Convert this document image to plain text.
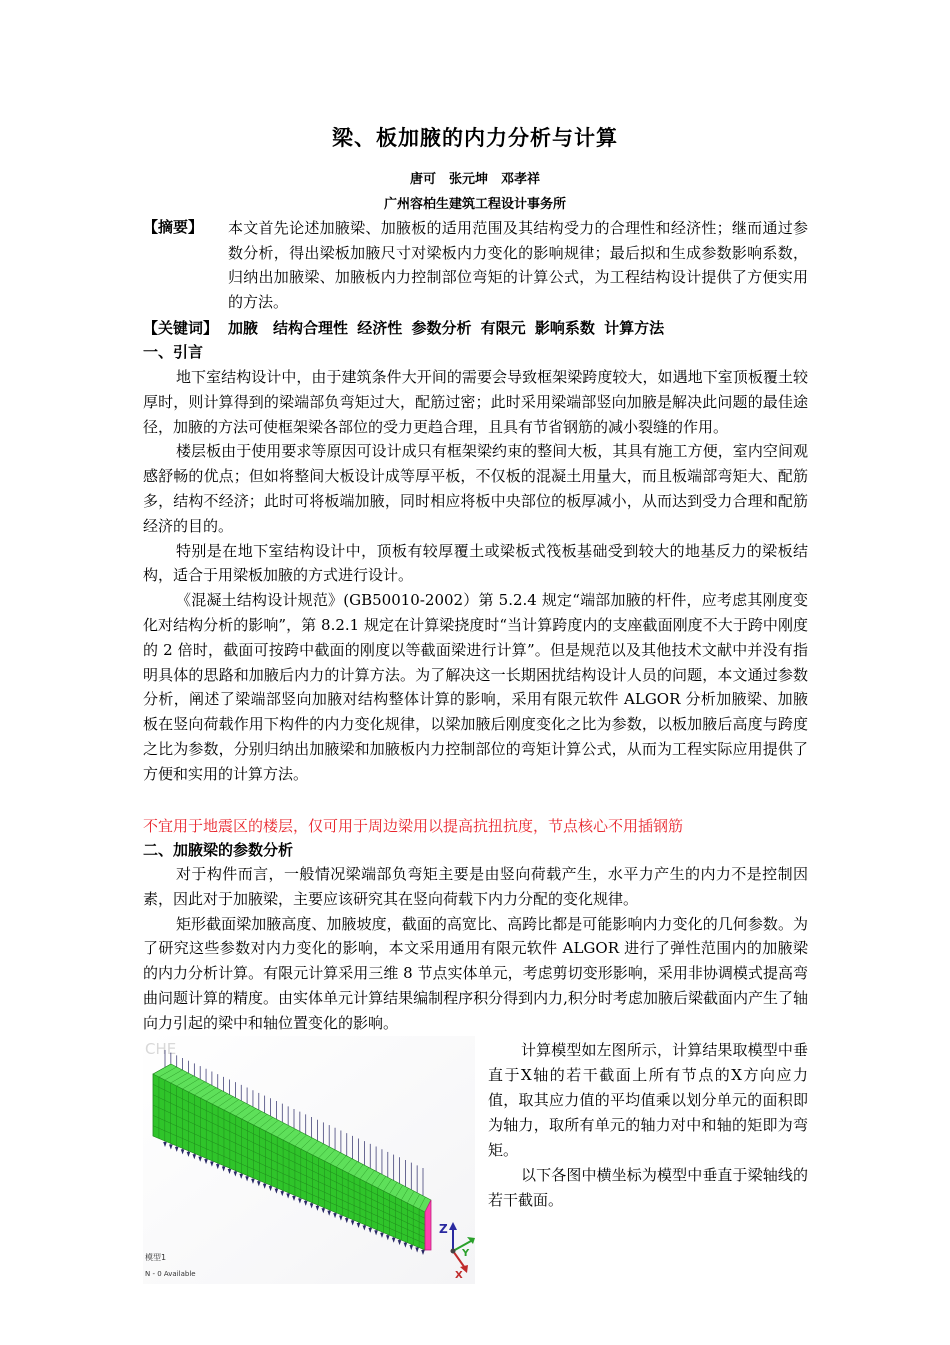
梁、板加腋的内力分析与计算
唐可　张元坤　邓孝祥
广州容柏生建筑工程设计事务所
【摘要】 本文首先论述加腋梁、加腋板的适用范围及其结构受力的合理性和经济性；继而通过参数分析，得出梁板加腋尺寸对梁板内力变化的影响规律；最后拟和生成参数影响系数，归纳出加腋梁、加腋板内力控制部位弯矩的计算公式，为工程结构设计提供了方便实用的方法。
【关键词】 加腋　结构合理性 经济性 参数分析 有限元 影响系数 计算方法
一、引言

地下室结构设计中，由于建筑条件大开间的需要会导致框架梁跨度较大，如遇地下室顶板覆土较厚时，则计算得到的梁端部负弯矩过大，配筋过密；此时采用梁端部竖向加腋是解决此问题的最佳途径，加腋的方法可使框架梁各部位的受力更趋合理，且具有节省钢筋的减小裂缝的作用。

楼层板由于使用要求等原因可设计成只有框架梁约束的整间大板，其具有施工方便，室内空间观感舒畅的优点；但如将整间大板设计成等厚平板，不仅板的混凝土用量大，而且板端部弯矩大、配筋多，结构不经济；此时可将板端加腋，同时相应将板中央部位的板厚减小，从而达到受力合理和配筋经济的目的。

特别是在地下室结构设计中，顶板有较厚覆土或梁板式筏板基础受到较大的地基反力的梁板结构，适合于用梁板加腋的方式进行设计。

《混凝土结构设计规范》(GB50010-2002）第 5.2.4 规定“端部加腋的杆件，应考虑其刚度变化对结构分析的影响”，第 8.2.1 规定在计算梁挠度时“当计算跨度内的支座截面刚度不大于跨中刚度的 2 倍时，截面可按跨中截面的刚度以等截面梁进行计算”。但是规范以及其他技术文献中并没有指明具体的思路和加腋后内力的计算方法。为了解决这一长期困扰结构设计人员的问题，本文通过参数分析，阐述了梁端部竖向加腋对结构整体计算的影响，采用有限元软件 ALGOR 分析加腋梁、加腋板在竖向荷载作用下构件的内力变化规律，以梁加腋后刚度变化之比为参数，以板加腋后高度与跨度之比为参数，分别归纳出加腋梁和加腋板内力控制部位的弯矩计算公式，从而为工程实际应用提供了方便和实用的计算方法。

不宜用于地震区的楼层，仅可用于周边梁用以提高抗扭抗度，节点核心不用插钢筋
二、加腋梁的参数分析

对于构件而言，一般情况梁端部负弯矩主要是由竖向荷载产生，水平力产生的内力不是控制因素，因此对于加腋梁，主要应该研究其在竖向荷载下内力分配的变化规律。

矩形截面梁加腋高度、加腋坡度，截面的高宽比、高跨比都是可能影响内力变化的几何参数。为了研究这些参数对内力变化的影响，本文采用通用有限元软件 ALGOR 进行了弹性范围内的加腋梁的内力分析计算。有限元计算采用三维 8 节点实体单元，考虑剪切变形影响，采用非协调模式提高弯曲问题计算的精度。由实体单元计算结果编制程序积分得到内力,积分时考虑加腋后梁截面内产生了轴向力引起的梁中和轴位置变化的影响。

CHE
Z
Y
X
模型1
N - 0 Available

计算模型如左图所示，计算结果取模型中垂直于X轴的若干截面上所有节点的X方向应力值，取其应力值的平均值乘以划分单元的面积即为轴力，取所有单元的轴力对中和轴的矩即为弯矩。

以下各图中横坐标为模型中垂直于梁轴线的若干截面。
